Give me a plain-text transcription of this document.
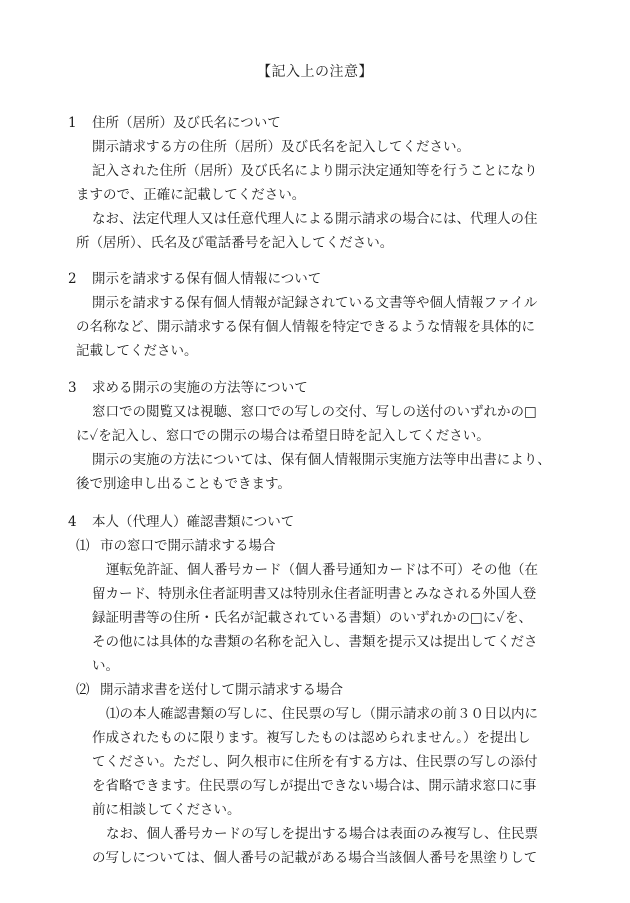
【記入上の注意】
1 住所（居所）及び氏名について
開示請求する方の住所（居所）及び氏名を記入してください。
記入された住所（居所）及び氏名により開示決定通知等を行うことになり
ますので、正確に記載してください。
なお、法定代理人又は任意代理人による開示請求の場合には、代理人の住
所（居所）、氏名及び電話番号を記入してください。
2 開示を請求する保有個人情報について
開示を請求する保有個人情報が記録されている文書等や個人情報ファイル
の名称など、開示請求する保有個人情報を特定できるような情報を具体的に
記載してください。
3 求める開示の実施の方法等について
窓口での閲覧又は視聴、窓口での写しの交付、写しの送付のいずれかの□
に✓を記入し、窓口での開示の場合は希望日時を記入してください。
開示の実施の方法については、保有個人情報開示実施方法等申出書により、
後で別途申し出ることもできます。
4 本人（代理人）確認書類について
⑴ 市の窓口で開示請求する場合
運転免許証、個人番号カード（個人番号通知カードは不可）その他（在
留カード、特別永住者証明書又は特別永住者証明書とみなされる外国人登
録証明書等の住所・氏名が記載されている書類）のいずれかの□に✓を、
その他には具体的な書類の名称を記入し、書類を提示又は提出してくださ
い。
⑵ 開示請求書を送付して開示請求する場合
⑴の本人確認書類の写しに、住民票の写し（開示請求の前３０日以内に
作成されたものに限ります。複写したものは認められません。）を提出し
てください。ただし、阿久根市に住所を有する方は、住民票の写しの添付
を省略できます。住民票の写しが提出できない場合は、開示請求窓口に事
前に相談してください。
なお、個人番号カードの写しを提出する場合は表面のみ複写し、住民票
の写しについては、個人番号の記載がある場合当該個人番号を黒塗りして
